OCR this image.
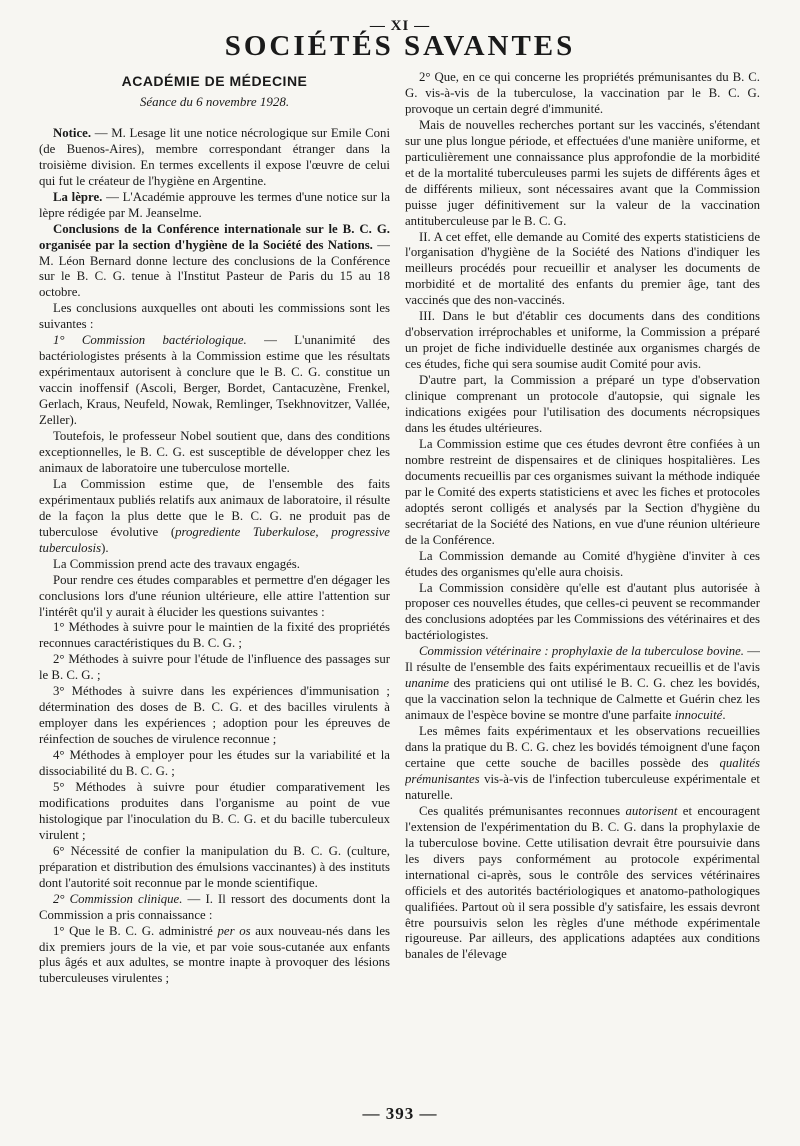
— XI —
SOCIÉTÉS SAVANTES
ACADÉMIE DE MÉDECINE
Séance du 6 novembre 1928.

Notice. — M. Lesage lit une notice nécrologique sur Emile Coni (de Buenos-Aires), membre correspondant étranger dans la troisième division. En termes excellents il expose l'œuvre de celui qui fut le créateur de l'hygiène en Argentine.

La lèpre. — L'Académie approuve les termes d'une notice sur la lèpre rédigée par M. Jeanselme.

Conclusions de la Conférence internationale sur le B. C. G. organisée par la section d'hygiène de la Société des Nations. — M. Léon Bernard donne lecture des conclusions de la Conférence sur le B. C. G. tenue à l'Institut Pasteur de Paris du 15 au 18 octobre.

Les conclusions auxquelles ont abouti les commissions sont les suivantes :

1° Commission bactériologique. — L'unanimité des bactériologistes présents à la Commission estime que les résultats expérimentaux autorisent à conclure que le B. C. G. constitue un vaccin inoffensif (Ascoli, Berger, Bordet, Cantacuzène, Frenkel, Gerlach, Kraus, Neufeld, Nowak, Remlinger, Tsekhnovitzer, Vallée, Zeller).

Toutefois, le professeur Nobel soutient que, dans des conditions exceptionnelles, le B. C. G. est susceptible de développer chez les animaux de laboratoire une tuberculose mortelle.

La Commission estime que, de l'ensemble des faits expérimentaux publiés relatifs aux animaux de laboratoire, il résulte de la façon la plus dette que le B. C. G. ne produit pas de tuberculose évolutive (progrediente Tuberkulose, progressive tuberculosis).

La Commission prend acte des travaux engagés.

Pour rendre ces études comparables et permettre d'en dégager les conclusions lors d'une réunion ultérieure, elle attire l'attention sur l'intérêt qu'il y aurait à élucider les questions suivantes :

1° Méthodes à suivre pour le maintien de la fixité des propriétés reconnues caractéristiques du B. C. G. ;

2° Méthodes à suivre pour l'étude de l'influence des passages sur le B. C. G. ;

3° Méthodes à suivre dans les expériences d'immunisation ; détermination des doses de B. C. G. et des bacilles virulents à employer dans les expériences ; adoption pour les épreuves de réinfection de souches de virulence reconnue ;

4° Méthodes à employer pour les études sur la variabilité et la dissociabilité du B. C. G. ;

5° Méthodes à suivre pour étudier comparativement les modifications produites dans l'organisme au point de vue histologique par l'inoculation du B. C. G. et du bacille tuberculeux virulent ;

6° Nécessité de confier la manipulation du B. C. G. (culture, préparation et distribution des émulsions vaccinantes) à des instituts dont l'autorité soit reconnue par le monde scientifique.

2° Commission clinique. — I. Il ressort des documents dont la Commission a pris connaissance :

1° Que le B. C. G. administré per os aux nouveau-nés dans les dix premiers jours de la vie, et par voie sous-cutanée aux enfants plus âgés et aux adultes, se montre inapte à provoquer des lésions tuberculeuses virulentes ;

2° Que, en ce qui concerne les propriétés prémunisantes du B. C. G. vis-à-vis de la tuberculose, la vaccination par le B. C. G. provoque un certain degré d'immunité.

Mais de nouvelles recherches portant sur les vaccinés, s'étendant sur une plus longue période, et effectuées d'une manière uniforme, et particulièrement une connaissance plus approfondie de la morbidité et de la mortalité tuberculeuses parmi les sujets de différents âges et de différents milieux, sont nécessaires avant que la Commission puisse juger définitivement sur la valeur de la vaccination antituberculeuse par le B. C. G.

II. A cet effet, elle demande au Comité des experts statisticiens de l'organisation d'hygiène de la Société des Nations d'indiquer les meilleurs procédés pour recueillir et analyser les documents de morbidité et de mortalité des enfants du premier âge, tant des vaccinés que des non-vaccinés.

III. Dans le but d'établir ces documents dans des conditions d'observation irréprochables et uniforme, la Commission a préparé un projet de fiche individuelle destinée aux organismes chargés de ces études, fiche qui sera soumise audit Comité pour avis.

D'autre part, la Commission a préparé un type d'observation clinique comprenant un protocole d'autopsie, qui signale les indications exigées pour l'utilisation des documents nécropsiques dans les études ultérieures.

La Commission estime que ces études devront être confiées à un nombre restreint de dispensaires et de cliniques hospitalières. Les documents recueillis par ces organismes suivant la méthode indiquée par le Comité des experts statisticiens et avec les fiches et protocoles adoptés seront colligés et analysés par la Section d'hygiène du secrétariat de la Société des Nations, en vue d'une réunion ultérieure de la Conférence.

La Commission demande au Comité d'hygiène d'inviter à ces études des organismes qu'elle aura choisis.

La Commission considère qu'elle est d'autant plus autorisée à proposer ces nouvelles études, que celles-ci peuvent se recommander des conclusions adoptées par les Commissions des vétérinaires et des bactériologistes.

Commission vétérinaire : prophylaxie de la tuberculose bovine. — Il résulte de l'ensemble des faits expérimentaux recueillis et de l'avis unanime des praticiens qui ont utilisé le B. C. G. chez les bovidés, que la vaccination selon la technique de Calmette et Guérin chez les animaux de l'espèce bovine se montre d'une parfaite innocuité.

Les mêmes faits expérimentaux et les observations recueillies dans la pratique du B. C. G. chez les bovidés témoignent d'une façon certaine que cette souche de bacilles possède des qualités prémunisantes vis-à-vis de l'infection tuberculeuse expérimentale et naturelle.

Ces qualités prémunisantes reconnues autorisent et encouragent l'extension de l'expérimentation du B. C. G. dans la prophylaxie de la tuberculose bovine. Cette utilisation devrait être poursuivie dans les divers pays conformément au protocole expérimental international ci-après, sous le contrôle des services vétérinaires officiels et des autorités bactériologiques et anatomo-pathologiques qualifiées. Partout où il sera possible d'y satisfaire, les essais devront être poursuivis selon les règles d'une méthode expérimentale rigoureuse. Par ailleurs, des applications adaptées aux conditions banales de l'élevage

— 393 —
